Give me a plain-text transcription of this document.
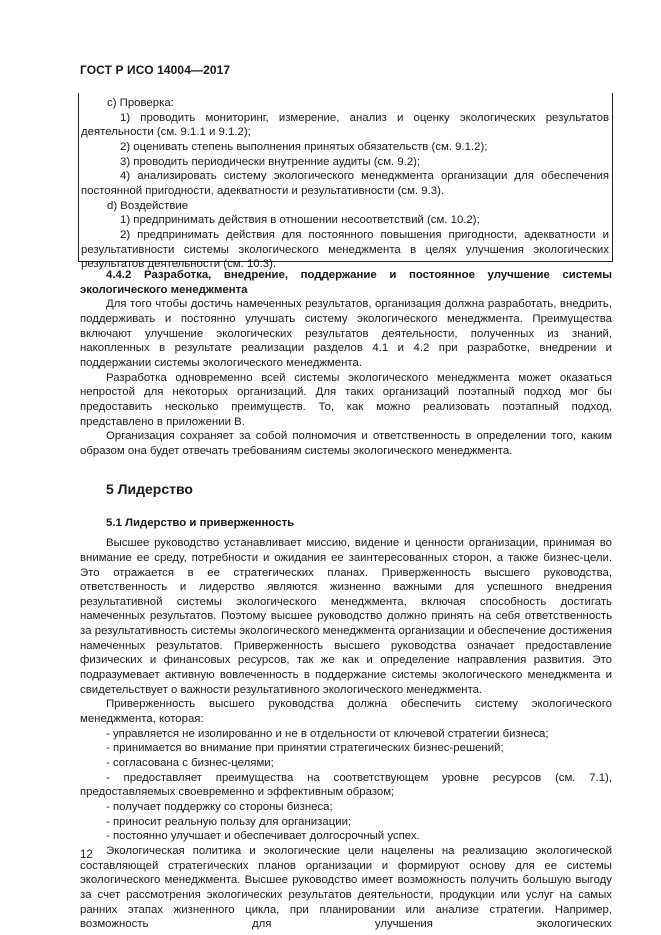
ГОСТ Р ИСО 14004—2017

c) Проверка:

1) проводить мониторинг, измерение, анализ и оценку экологических результатов деятельности (см. 9.1.1 и 9.1.2);

2) оценивать степень выполнения принятых обязательств (см. 9.1.2);

3) проводить периодически внутренние аудиты (см. 9.2);

4) анализировать систему экологического менеджмента организации для обеспечения постоянной пригодности, адекватности и результативности (см. 9.3).

d) Воздействие

1) предпринимать действия в отношении несоответствий (см. 10.2);

2) предпринимать действия для постоянного повышения пригодности, адекватности и результативности системы экологического менеджмента в целях улучшения экологических результатов деятельности (см. 10.3).

4.4.2 Разработка, внедрение, поддержание и постоянное улучшение системы экологического менеджмента

Для того чтобы достичь намеченных результатов, организация должна разработать, внедрить, поддерживать и постоянно улучшать систему экологического менеджмента. Преимущества включают улучшение экологических результатов деятельности, полученных из знаний, накопленных в результате реализации разделов 4.1 и 4.2 при разработке, внедрении и поддержании системы экологического менеджмента.

Разработка одновременно всей системы экологического менеджмента может оказаться непростой для некоторых организаций. Для таких организаций поэтапный подход мог бы предоставить несколько преимуществ. То, как можно реализовать поэтапный подход, представлено в приложении В.

Организация сохраняет за собой полномочия и ответственность в определении того, каким образом она будет отвечать требованиям системы экологического менеджмента.

5 Лидерство

5.1 Лидерство и приверженность

Высшее руководство устанавливает миссию, видение и ценности организации, принимая во внимание ее среду, потребности и ожидания ее заинтересованных сторон, а также бизнес-цели. Это отражается в ее стратегических планах. Приверженность высшего руководства, ответственность и лидерство являются жизненно важными для успешного внедрения результативной системы экологического менеджмента, включая способность достигать намеченных результатов. Поэтому высшее руководство должно принять на себя ответственность за результативность системы экологического менеджмента организации и обеспечение достижения намеченных результатов. Приверженность высшего руководства означает предоставление физических и финансовых ресурсов, так же как и определение направления развития. Это подразумевает активную вовлеченность в поддержание системы экологического менеджмента и свидетельствует о важности результативного экологического менеджмента.

Приверженность высшего руководства должна обеспечить систему экологического менеджмента, которая:

- управляется не изолированно и не в отдельности от ключевой стратегии бизнеса;

- принимается во внимание при принятии стратегических бизнес-решений;

- согласована с бизнес-целями;

- предоставляет преимущества на соответствующем уровне ресурсов (см. 7.1), предоставляемых своевременно и эффективным образом;

- получает поддержку со стороны бизнеса;

- приносит реальную пользу для организации;

- постоянно улучшает и обеспечивает долгосрочный успех.

Экологическая политика и экологические цели нацелены на реализацию экологической составляющей стратегических планов организации и формируют основу для ее системы экологического менеджмента. Высшее руководство имеет возможность получить большую выгоду за счет рассмотрения экологических результатов деятельности, продукции или услуг на самых ранних этапах жизненного цикла, при планировании или анализе стратегии. Например, возможность для улучшения экологических

12
